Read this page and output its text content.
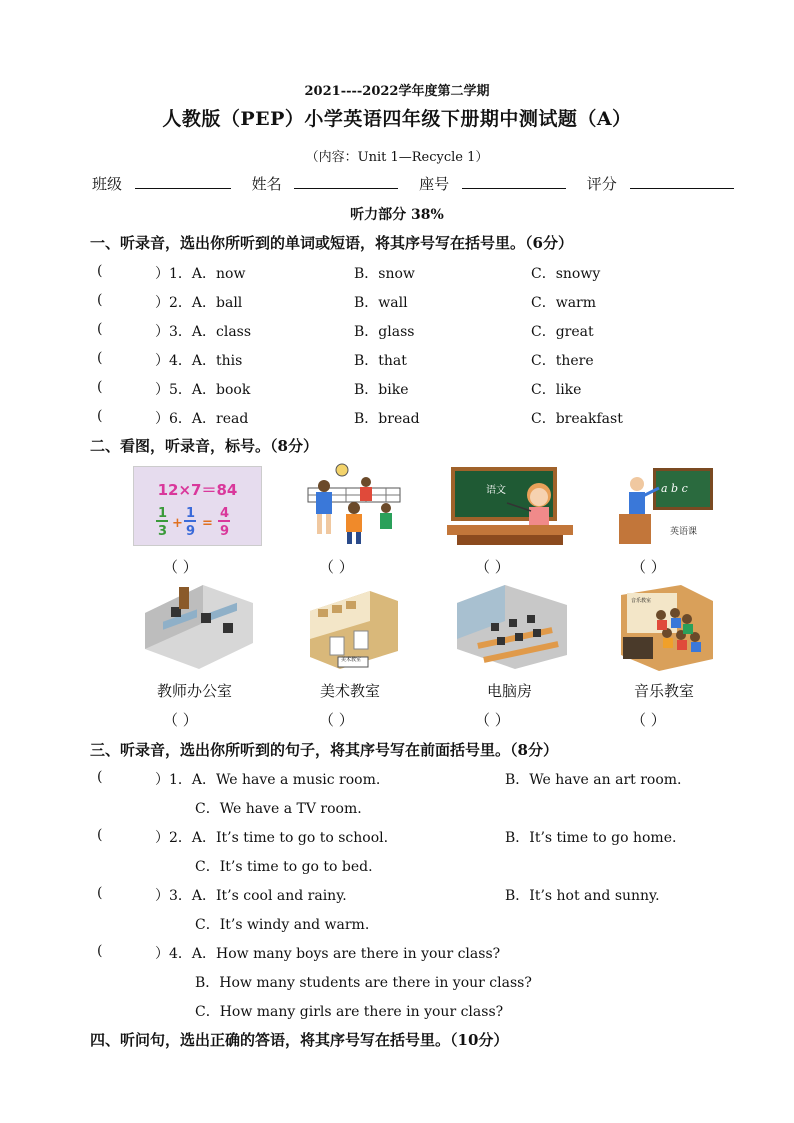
2021----2022学年度第二学期
人教版（PEP）小学英语四年级下册期中测试题（A）
（内容：Unit 1—Recycle 1）
班级	姓名	座号	评分
听力部分 38%
一、听录音，选出你所听到的单词或短语，将其序号写在括号里。（6分）
(	）1．A．now	B．snow	C．snowy
(	）2．A．ball	B．wall	C．warm
(	）3．A．class	B．glass	C．great
(	）4．A．this	B．that	C．there
(	）5．A．book	B．bike	C．like
(	）6．A．read	B．bread	C．breakfast
二、看图，听录音，标号。（8分）
12×7＝84
1
3
+
1
9
=
4
9
语文	a b c
英语课
（ ）	（ ）	（ ）	（ ）
美术教室
音乐教室
教师办公室	美术教室	电脑房	音乐教室
（ ）	（ ）	（ ）	（ ）
三、听录音，选出你所听到的句子，将其序号写在前面括号里。（8分）
(	）1．A．We have a music room.	B．We have an art room.
C．We have a TV room.
(	）2．A．It’s time to go to school.	B．It’s time to go home.
C．It’s time to go to bed.
(	）3．A．It’s cool and rainy.	B．It’s hot and sunny.
C．It’s windy and warm.
(	）4．A．How many boys are there in your class?
B．How many students are there in your class?
C．How many girls are there in your class?
四、听问句，选出正确的答语，将其序号写在括号里。（10分）
